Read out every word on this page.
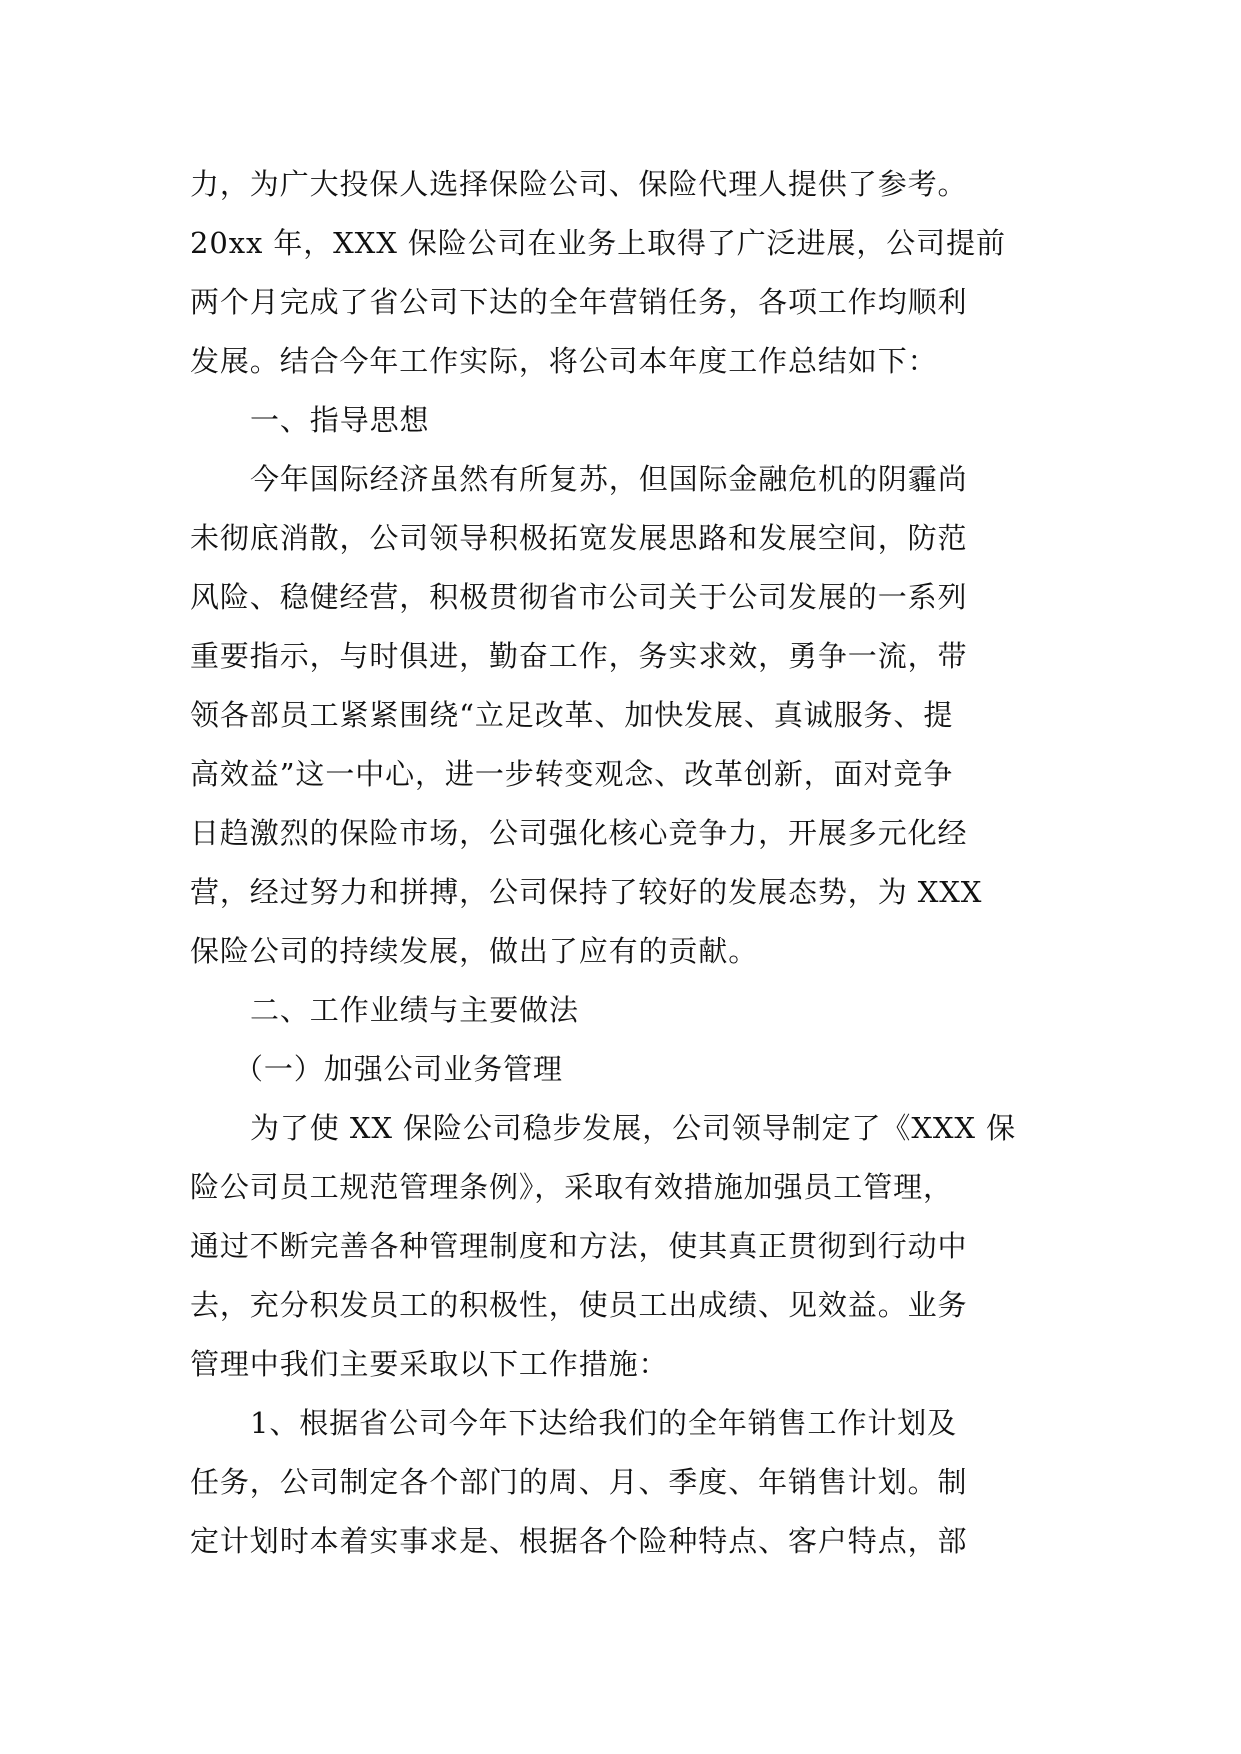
力，为广大投保人选择保险公司、保险代理人提供了参考。

20xx 年，XXX 保险公司在业务上取得了广泛进展，公司提前

两个月完成了省公司下达的全年营销任务，各项工作均顺利

发展。结合今年工作实际，将公司本年度工作总结如下：

一、指导思想

今年国际经济虽然有所复苏，但国际金融危机的阴霾尚

未彻底消散，公司领导积极拓宽发展思路和发展空间，防范

风险、稳健经营，积极贯彻省市公司关于公司发展的一系列

重要指示，与时俱进，勤奋工作，务实求效，勇争一流，带

领各部员工紧紧围绕“立足改革、加快发展、真诚服务、提

高效益”这一中心，进一步转变观念、改革创新，面对竞争

日趋激烈的保险市场，公司强化核心竞争力，开展多元化经

营，经过努力和拼搏，公司保持了较好的发展态势，为 XXX

保险公司的持续发展，做出了应有的贡献。

二、工作业绩与主要做法

（一）加强公司业务管理

为了使 XX 保险公司稳步发展，公司领导制定了《XXX 保

险公司员工规范管理条例》，采取有效措施加强员工管理，

通过不断完善各种管理制度和方法，使其真正贯彻到行动中

去，充分积发员工的积极性，使员工出成绩、见效益。业务

管理中我们主要采取以下工作措施：

1、根据省公司今年下达给我们的全年销售工作计划及

任务，公司制定各个部门的周、月、季度、年销售计划。制

定计划时本着实事求是、根据各个险种特点、客户特点，部
